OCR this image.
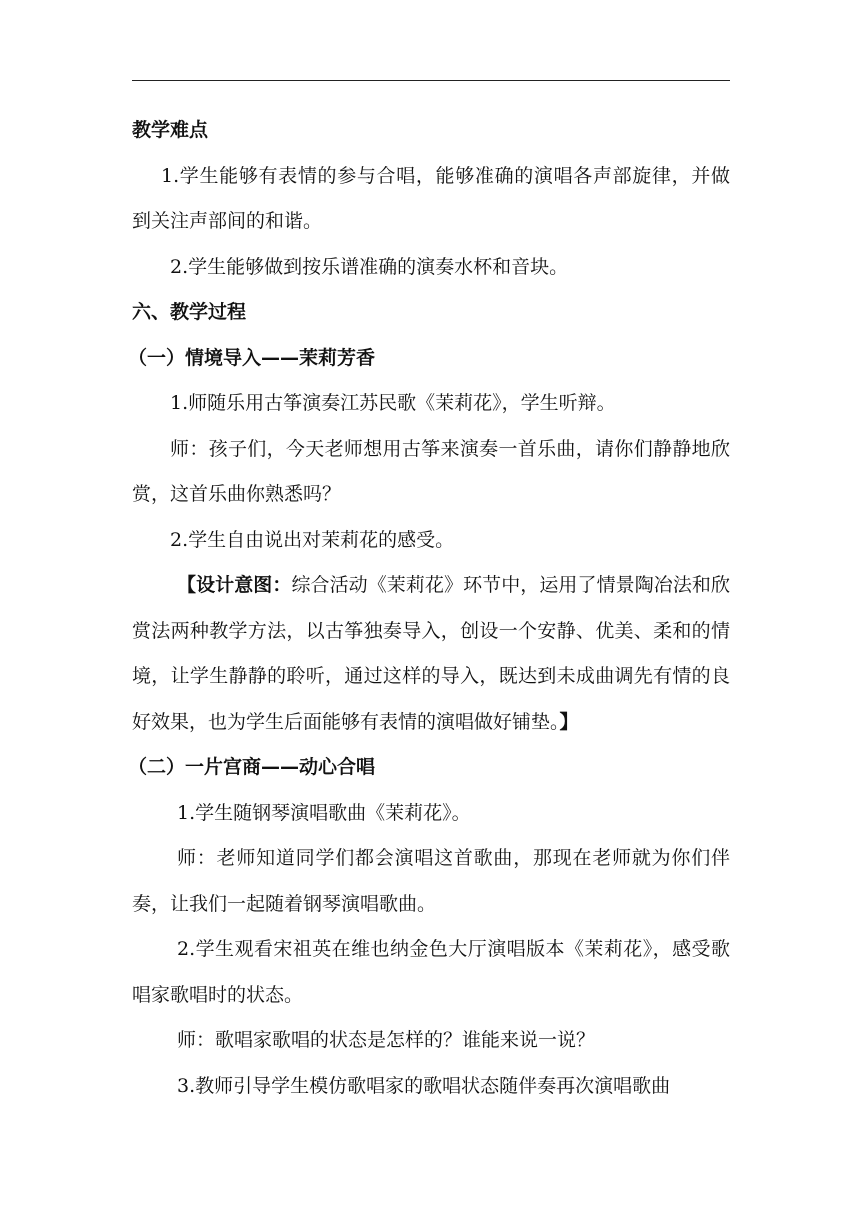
教学难点

1.学生能够有表情的参与合唱，能够准确的演唱各声部旋律，并做到关注声部间的和谐。

2.学生能够做到按乐谱准确的演奏水杯和音块。

六、教学过程

（一）情境导入——茉莉芳香

1.师随乐用古筝演奏江苏民歌《茉莉花》，学生听辩。

师：孩子们，今天老师想用古筝来演奏一首乐曲，请你们静静地欣赏，这首乐曲你熟悉吗？

2.学生自由说出对茉莉花的感受。

【设计意图：综合活动《茉莉花》环节中，运用了情景陶冶法和欣赏法两种教学方法，以古筝独奏导入，创设一个安静、优美、柔和的情境，让学生静静的聆听，通过这样的导入，既达到未成曲调先有情的良好效果，也为学生后面能够有表情的演唱做好铺垫。】

（二）一片宫商——动心合唱

1.学生随钢琴演唱歌曲《茉莉花》。

师：老师知道同学们都会演唱这首歌曲，那现在老师就为你们伴奏，让我们一起随着钢琴演唱歌曲。

2.学生观看宋祖英在维也纳金色大厅演唱版本《茉莉花》，感受歌唱家歌唱时的状态。

师：歌唱家歌唱的状态是怎样的？谁能来说一说？

3.教师引导学生模仿歌唱家的歌唱状态随伴奏再次演唱歌曲
